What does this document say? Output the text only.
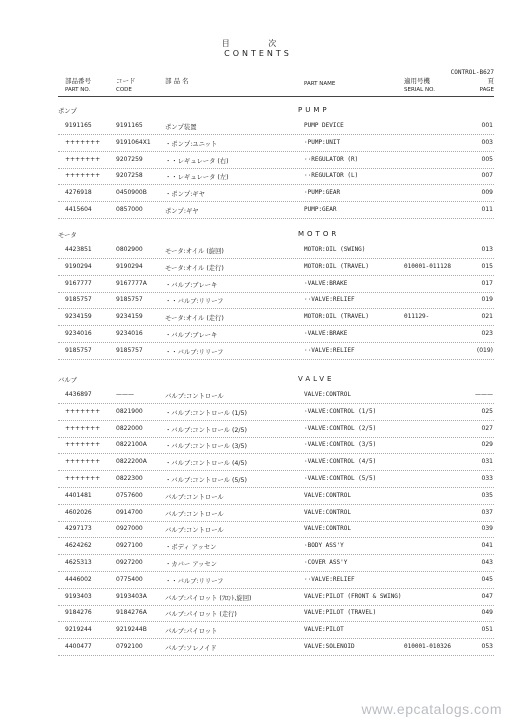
目 次
CONTENTS
CONTROL-B627
部品番号
PART NO.
コード
CODE
部 品 名	PART NAME	適用号機
SERIAL NO.
頁
PAGE
ポンプ	PUMP
9191165	9191165	ポンプ装置	PUMP DEVICE	001
+++++++	9191064X1 ・ポンプ:ユニット	·PUMP:UNIT	003
+++++++	9207259	・・レギュレータ (右)	··REGULATOR (R)	005
+++++++	9207258	・・レギュレータ (左)	··REGULATOR (L)	007
4276918	0450900B	・ポンプ:ギヤ	·PUMP:GEAR	009
4415604	0857000	ポンプ:ギヤ	PUMP:GEAR	011
モータ	MOTOR
4423851	0802900	モータ:オイル (旋回)	MOTOR:OIL (SWING)	013
9190294	9190294	モータ:オイル (走行)	MOTOR:OIL (TRAVEL)	010001-011128	015
9167777	9167777A	・バルブ:ブレーキ	·VALVE:BRAKE	017
9185757	9185757	・・バルブ:リリーフ	··VALVE:RELIEF	019
9234159	9234159	モータ:オイル (走行)	MOTOR:OIL (TRAVEL)	011129-	021
9234016	9234016	・バルブ:ブレーキ	·VALVE:BRAKE	023
9185757	9185757	・・バルブ:リリーフ	··VALVE:RELIEF	(019)
バルブ	VALVE
4436897	———	バルブ:コントロール	VALVE:CONTROL	———
+++++++	0821900	・バルブ:コントロール (1/5)	·VALVE:CONTROL (1/5)	025
+++++++	0822000	・バルブ:コントロール (2/5)	·VALVE:CONTROL (2/5)	027
+++++++	0822100A	・バルブ:コントロール (3/5)	·VALVE:CONTROL (3/5)	029
+++++++	0822200A	・バルブ:コントロール (4/5)	·VALVE:CONTROL (4/5)	031
+++++++	0822300	・バルブ:コントロール (5/5)	·VALVE:CONTROL (5/5)	033
4401481	0757600	バルブ:コントロール	VALVE:CONTROL	035
4602026	0914700	バルブ:コントロール	VALVE:CONTROL	037
4297173	0927000	バルブ:コントロール	VALVE:CONTROL	039
4624262	0927100	・ボディ アッセン	·BODY ASS'Y	041
4625313	0927200	・カバー アッセン	·COVER ASS'Y	043
4446002	0775400	・・バルブ:リリーフ	··VALVE:RELIEF	045
9193403	9193403A	バルブ:パイロット (ﾌﾛﾝﾄ,旋回)	VALVE:PILOT (FRONT & SWING)	047
9184276	9184276A	バルブ:パイロット (走行)	VALVE:PILOT (TRAVEL)	049
9219244	9219244B	バルブ:パイロット	VALVE:PILOT	051
4400477	0792100	バルブ:ソレノイド	VALVE:SOLENOID	010001-010326	053
www.epcatalogs.com
